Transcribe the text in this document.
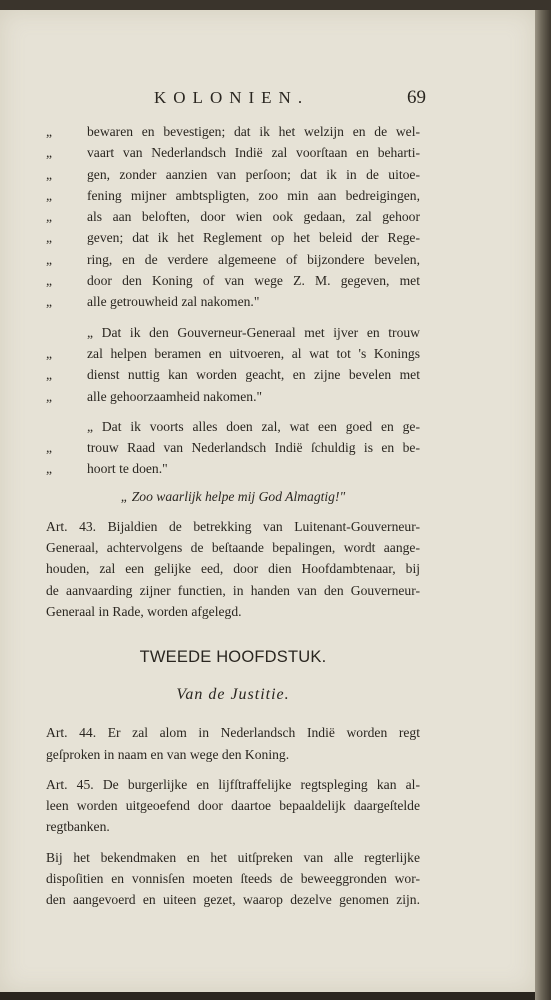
KOLONIEN.	69
„	bewaren en bevestigen; dat ik het welzijn en de wel-
„	vaart van Nederlandsch Indië zal voorſtaan en beharti-
„	gen, zonder aanzien van perſoon; dat ik in de uitoe-
„	fening mijner ambtspligten, zoo min aan bedreigingen,
„	als aan beloften, door wien ook gedaan, zal gehoor
„	geven; dat ik het Reglement op het beleid der Rege-
„	ring, en de verdere algemeene of bijzondere bevelen,
„	door den Koning of van wege Z. M. gegeven, met
„	alle getrouwheid zal nakomen."
„ Dat ik den Gouverneur-Generaal met ijver en trouw
„	zal helpen beramen en uitvoeren, al wat tot 's Konings
„	dienst nuttig kan worden geacht, en zijne bevelen met
„	alle gehoorzaamheid nakomen."
„ Dat ik voorts alles doen zal, wat een goed en ge-
„	trouw Raad van Nederlandsch Indië ſchuldig is en be-
„	hoort te doen."
„ Zoo waarlijk helpe mij God Almagtig!"
Art. 43. Bijaldien de betrekking van Luitenant-Gouverneur-
Generaal, achtervolgens de beſtaande bepalingen, wordt aange-
houden, zal een gelijke eed, door dien Hoofdambtenaar, bij
de aanvaarding zijner functien, in handen van den Gouverneur-
Generaal in Rade, worden afgelegd.
TWEEDE HOOFDSTUK.
Van de Justitie.
Art. 44. Er zal alom in Nederlandsch Indië worden regt
geſproken in naam en van wege den Koning.
Art. 45. De burgerlijke en lijfſtraffelijke regtspleging kan al-
leen worden uitgeoefend door daartoe bepaaldelijk daargeſtelde
regtbanken.
Bij het bekendmaken en het uitſpreken van alle regterlijke
dispoſitien en vonnisſen moeten ſteeds de beweeggronden wor-
den aangevoerd en uiteen gezet, waarop dezelve genomen zijn.
